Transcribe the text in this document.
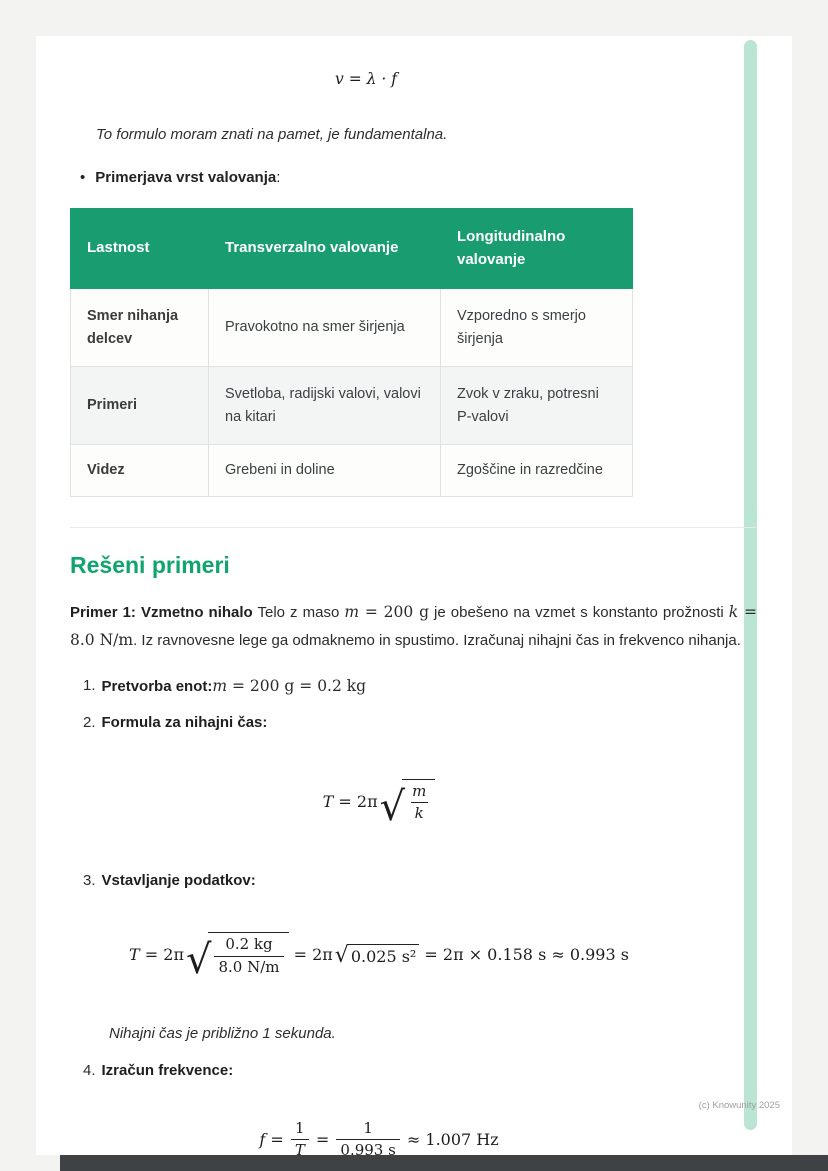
v = λ · f

To formulo moram znati na pamet, je fundamentalna.

• Primerjava vrst valovanja:
Lastnost	Transverzalno valovanje	Longitudinalno valovanje
Smer nihanja delcev	Pravokotno na smer širjenja	Vzporedno s smerjo širjenja
Primeri	Svetloba, radijski valovi, valovi na kitari	Zvok v zraku, potresni P-valovi
Videz	Grebeni in doline	Zgoščine in razredčine
Rešeni primeri

Primer 1: Vzmetno nihalo Telo z maso m = 200 g je obešeno na vzmet s konstanto prožnosti k = 8.0 N/m. Iz ravnovesne lege ga odmaknemo in spustimo. Izračunaj nihajni čas in frekvenco nihanja.

1. Pretvorba enot:m = 200 g = 0.2 kg
2. Formula za nihajni čas:
T = 2π √ $\frac{m}{k}$
3. Vstavljanje podatkov:
T = 2π √ $\frac{0.2 kg}{8.0 N/m} = 2\pi$ √ 0.025 s² = 2π × 0.158 s ≈ 0.993 s

Nihajni čas je približno 1 sekunda.

4. Izračun frekvence:
$f = \frac{1}{T} = \frac{1}{0.993 s} \approx 1.007$ Hz
(c) Knowunity 2025
